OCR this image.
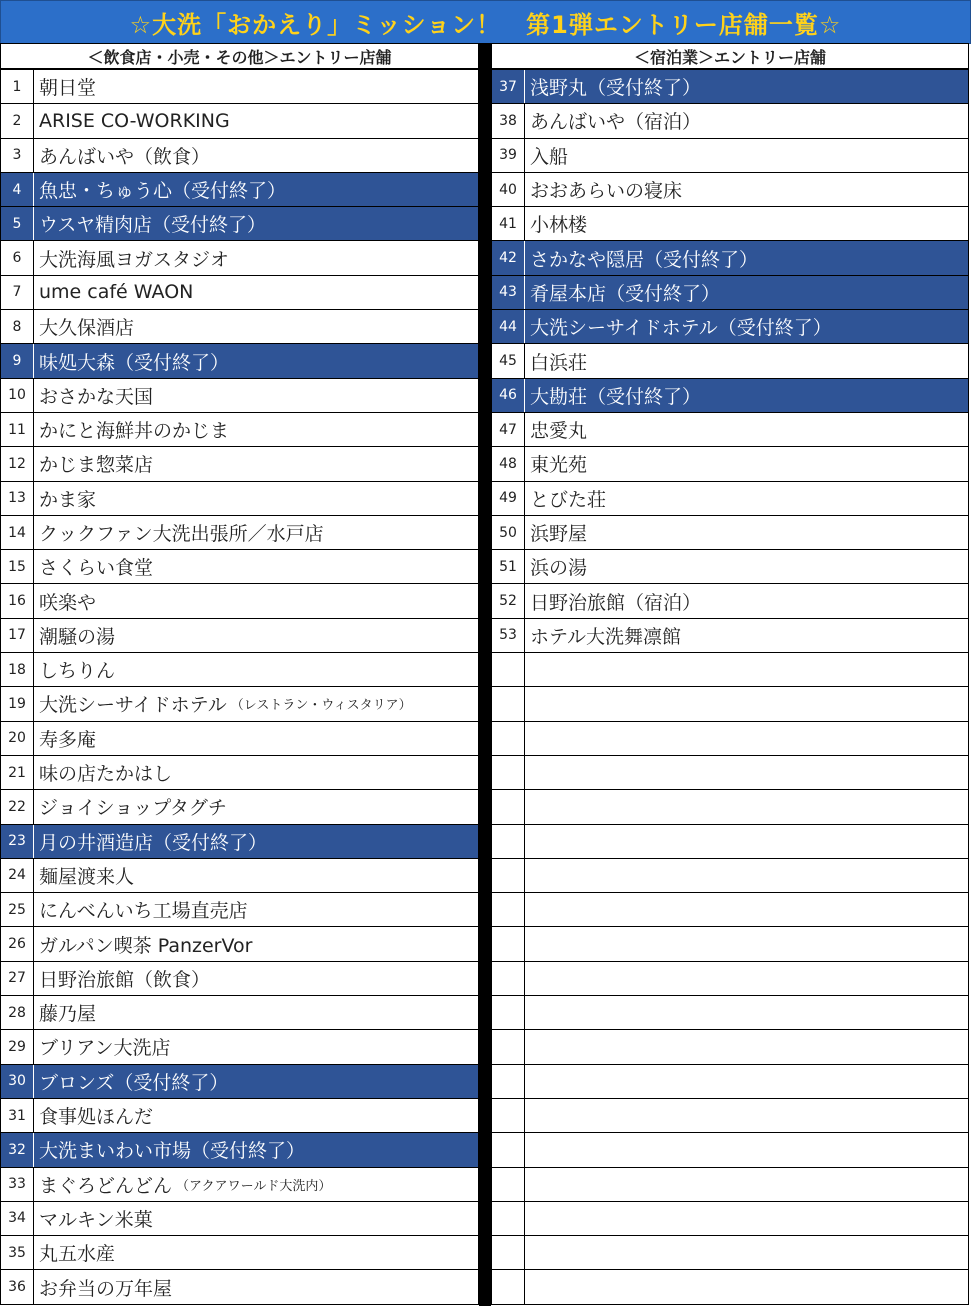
☆大洗「おかえり」ミッション！　第1弾エントリー店舗一覧☆
＜飲食店・小売・その他＞エントリー店舗
1 朝日堂
2 ARISE CO-WORKING
3 あんばいや（飲食）
4 魚忠・ちゅう心（受付終了）
5 ウスヤ精肉店（受付終了）
6 大洗海風ヨガスタジオ
7 ume café WAON
8 大久保酒店
9 味処大森（受付終了）
10 おさかな天国
11 かにと海鮮丼のかじま
12 かじま惣菜店
13 かま家
14 クックファン大洗出張所／水戸店
15 さくらい食堂
16 咲楽や
17 潮騒の湯
18 しちりん
19 大洗シーサイドホテル （レストラン・ウィスタリア）
20 寿多庵
21 味の店たかはし
22 ジョイショップタグチ
23 月の井酒造店（受付終了）
24 麺屋渡来人
25 にんべんいち工場直売店
26 ガルパン喫茶 PanzerVor
27 日野治旅館（飲食）
28 藤乃屋
29 ブリアン大洗店
30 ブロンズ（受付終了）
31 食事処ほんだ
32 大洗まいわい市場（受付終了）
33 まぐろどんどん （アクアワールド大洗内）
34 マルキン米菓
35 丸五水産
36 お弁当の万年屋
＜宿泊業＞エントリー店舗
37 浅野丸（受付終了）
38 あんばいや（宿泊）
39 入船
40 おおあらいの寝床
41 小林楼
42 さかなや隠居（受付終了）
43 肴屋本店（受付終了）
44 大洗シーサイドホテル（受付終了）
45 白浜荘
46 大勘荘（受付終了）
47 忠愛丸
48 東光苑
49 とびた荘
50 浜野屋
51 浜の湯
52 日野治旅館（宿泊）
53 ホテル大洗舞凛館
